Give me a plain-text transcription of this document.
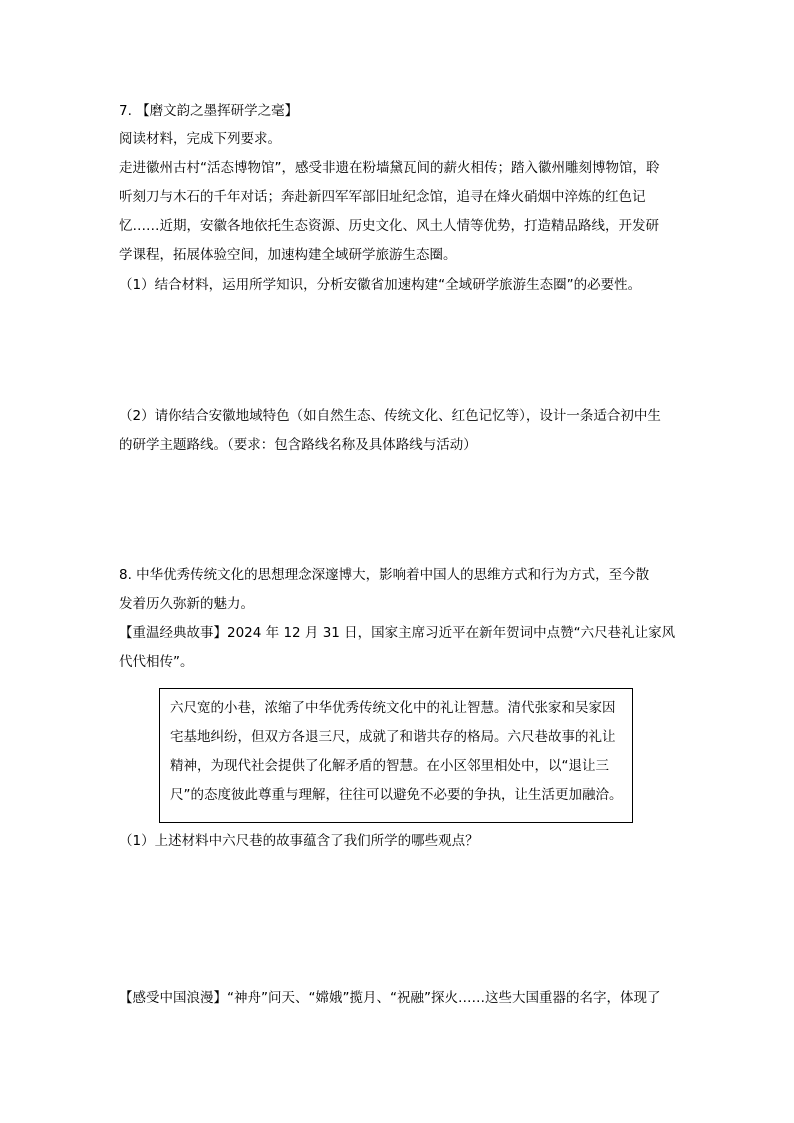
7. 【磨文韵之墨挥研学之毫】
阅读材料，完成下列要求。
走进徽州古村“活态博物馆”，感受非遗在粉墙黛瓦间的薪火相传；踏入徽州雕刻博物馆，聆
听刻刀与木石的千年对话；奔赴新四军军部旧址纪念馆，追寻在烽火硝烟中淬炼的红色记
忆……近期，安徽各地依托生态资源、历史文化、风土人情等优势，打造精品路线，开发研
学课程，拓展体验空间，加速构建全域研学旅游生态圈。
（1）结合材料，运用所学知识，分析安徽省加速构建“全域研学旅游生态圈”的必要性。
（2）请你结合安徽地域特色（如自然生态、传统文化、红色记忆等），设计一条适合初中生
的研学主题路线。（要求：包含路线名称及具体路线与活动）
8. 中华优秀传统文化的思想理念深邃博大，影响着中国人的思维方式和行为方式，至今散
发着历久弥新的魅力。
【重温经典故事】2024 年 12 月 31 日，国家主席习近平在新年贺词中点赞“六尺巷礼让家风
代代相传”。
六尺宽的小巷，浓缩了中华优秀传统文化中的礼让智慧。清代张家和吴家因
宅基地纠纷，但双方各退三尺，成就了和谐共存的格局。六尺巷故事的礼让
精神，为现代社会提供了化解矛盾的智慧。在小区邻里相处中，以“退让三
尺”的态度彼此尊重与理解，往往可以避免不必要的争执，让生活更加融洽。
（1）上述材料中六尺巷的故事蕴含了我们所学的哪些观点？
【感受中国浪漫】“神舟”问天、“嫦娥”揽月、“祝融”探火……这些大国重器的名字，体现了
